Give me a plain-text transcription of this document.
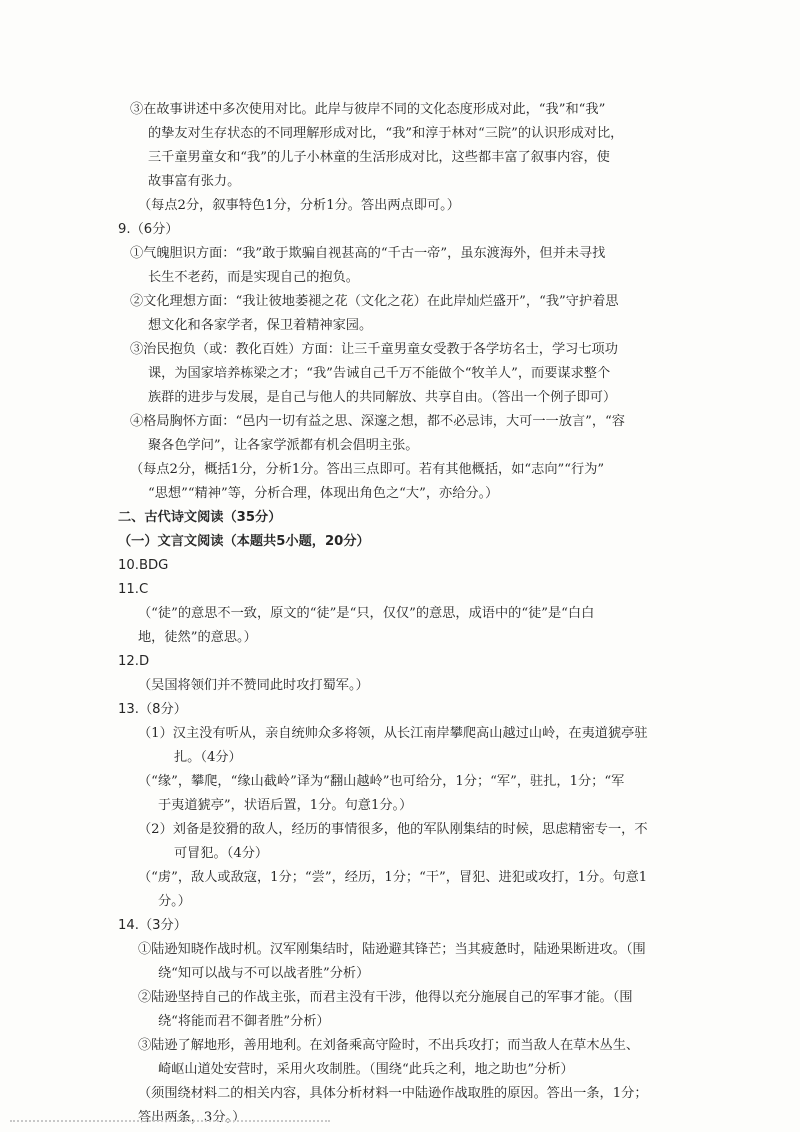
③在故事讲述中多次使用对比。此岸与彼岸不同的文化态度形成对此，“我”和“我”
的挚友对生存状态的不同理解形成对比，“我”和淳于林对“三院”的认识形成对比，
三千童男童女和“我”的儿子小林童的生活形成对比，这些都丰富了叙事内容，使
故事富有张力。
（每点2分，叙事特色1分，分析1分。答出两点即可。）
9.（6分）
①气魄胆识方面：“我”敢于欺骗自视甚高的“千古一帝”，虽东渡海外，但并未寻找
长生不老药，而是实现自己的抱负。
②文化理想方面：“我让彼地萎褪之花（文化之花）在此岸灿烂盛开”，“我”守护着思
想文化和各家学者，保卫着精神家园。
③治民抱负（或：教化百姓）方面：让三千童男童女受教于各学坊名士，学习七项功
课，为国家培养栋梁之才；“我”告诫自己千万不能做个“牧羊人”，而要谋求整个
族群的进步与发展，是自己与他人的共同解放、共享自由。（答出一个例子即可）
④格局胸怀方面：“邑内一切有益之思、深邃之想，都不必忌讳，大可一一放言”，“容
聚各色学问”，让各家学派都有机会倡明主张。
（每点2分，概括1分，分析1分。答出三点即可。若有其他概括，如“志向”“行为”
“思想”“精神”等，分析合理，体现出角色之“大”，亦给分。）
二、古代诗文阅读（35分）
（一）文言文阅读（本题共5小题，20分）
10.BDG
11.C
（“徒”的意思不一致，原文的“徒”是“只，仅仅”的意思，成语中的“徒”是“白白
地，徒然”的意思。）
12.D
（吴国将领们并不赞同此时攻打蜀军。）
13.（8分）
（1）汉主没有听从，亲自统帅众多将领，从长江南岸攀爬高山越过山岭，在夷道猇亭驻
扎。（4分）
（“缘”，攀爬，“缘山截岭”译为“翻山越岭”也可给分，1分；“军”，驻扎，1分；“军
于夷道猇亭”，状语后置，1分。句意1分。）
（2）刘备是狡猾的敌人，经历的事情很多，他的军队刚集结的时候，思虑精密专一，不
可冒犯。（4分）
（“虏”，敌人或敌寇，1分；“尝”，经历，1分；“干”，冒犯、进犯或攻打，1分。句意1
分。）
14.（3分）
①陆逊知晓作战时机。汉军刚集结时，陆逊避其锋芒；当其疲惫时，陆逊果断进攻。（围
绕“知可以战与不可以战者胜”分析）
②陆逊坚持自己的作战主张，而君主没有干涉，他得以充分施展自己的军事才能。（围
绕“将能而君不御者胜”分析）
③陆逊了解地形，善用地利。在刘备乘高守险时，不出兵攻打；而当敌人在草木丛生、
崎岖山道处安营时，采用火攻制胜。（围绕“此兵之利，地之助也”分析）
（须围绕材料二的相关内容，具体分析材料一中陆逊作战取胜的原因。答出一条，1分；
答出两条，3分。）
